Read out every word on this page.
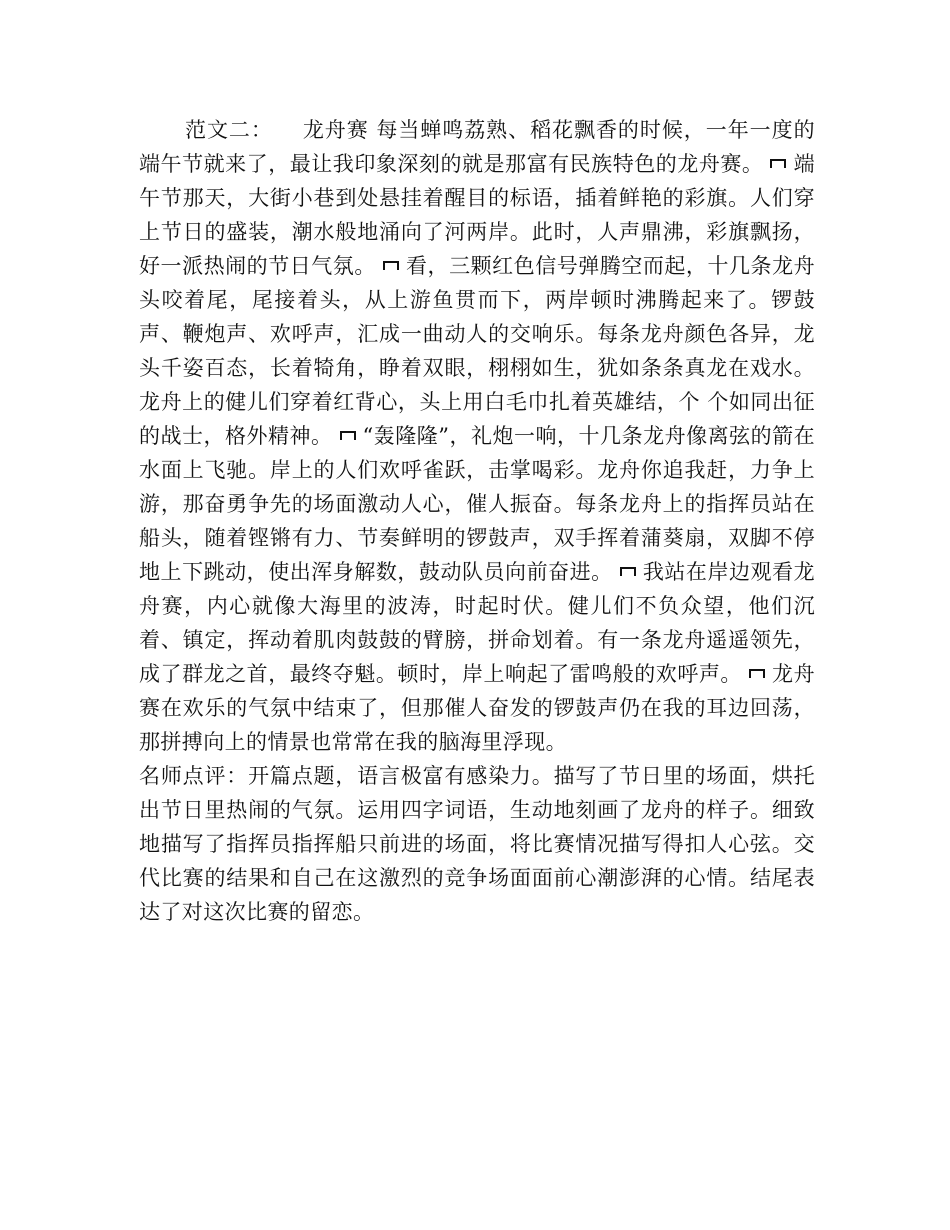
范文二： 龙舟赛 每当蝉鸣荔熟、稻花飘香的时候，一年一度的端午节就来了，最让我印象深刻的就是那富有民族特色的龙舟赛。 端午节那天，大街小巷到处悬挂着醒目的标语，插着鲜艳的彩旗。人们穿上节日的盛装，潮水般地涌向了河两岸。此时，人声鼎沸，彩旗飘扬，好一派热闹的节日气氛。 看，三颗红色信号弹腾空而起，十几条龙舟头咬着尾，尾接着头，从上游鱼贯而下，两岸顿时沸腾起来了。锣鼓声、鞭炮声、欢呼声，汇成一曲动人的交响乐。每条龙舟颜色各异，龙头千姿百态，长着犄角，睁着双眼，栩栩如生，犹如条条真龙在戏水。龙舟上的健儿们穿着红背心，头上用白毛巾扎着英雄结，个 个如同出征的战士，格外精神。 “轰隆隆”，礼炮一响，十几条龙舟像离弦的箭在水面上飞驰。岸上的人们欢呼雀跃，击掌喝彩。龙舟你追我赶，力争上游，那奋勇争先的场面激动人心，催人振奋。每条龙舟上的指挥员站在船头，随着铿锵有力、节奏鲜明的锣鼓声，双手挥着蒲葵扇，双脚不停地上下跳动，使出浑身解数，鼓动队员向前奋进。 我站在岸边观看龙舟赛，内心就像大海里的波涛，时起时伏。健儿们不负众望，他们沉着、镇定，挥动着肌肉鼓鼓的臂膀，拼命划着。有一条龙舟遥遥领先，成了群龙之首，最终夺魁。顿时，岸上响起了雷鸣般的欢呼声。 龙舟赛在欢乐的气氛中结束了，但那催人奋发的锣鼓声仍在我的耳边回荡，那拼搏向上的情景也常常在我的脑海里浮现。

名师点评：开篇点题，语言极富有感染力。描写了节日里的场面，烘托出节日里热闹的气氛。运用四字词语，生动地刻画了龙舟的样子。细致地描写了指挥员指挥船只前进的场面，将比赛情况描写得扣人心弦。交代比赛的结果和自己在这激烈的竞争场面面前心潮澎湃的心情。结尾表达了对这次比赛的留恋。
